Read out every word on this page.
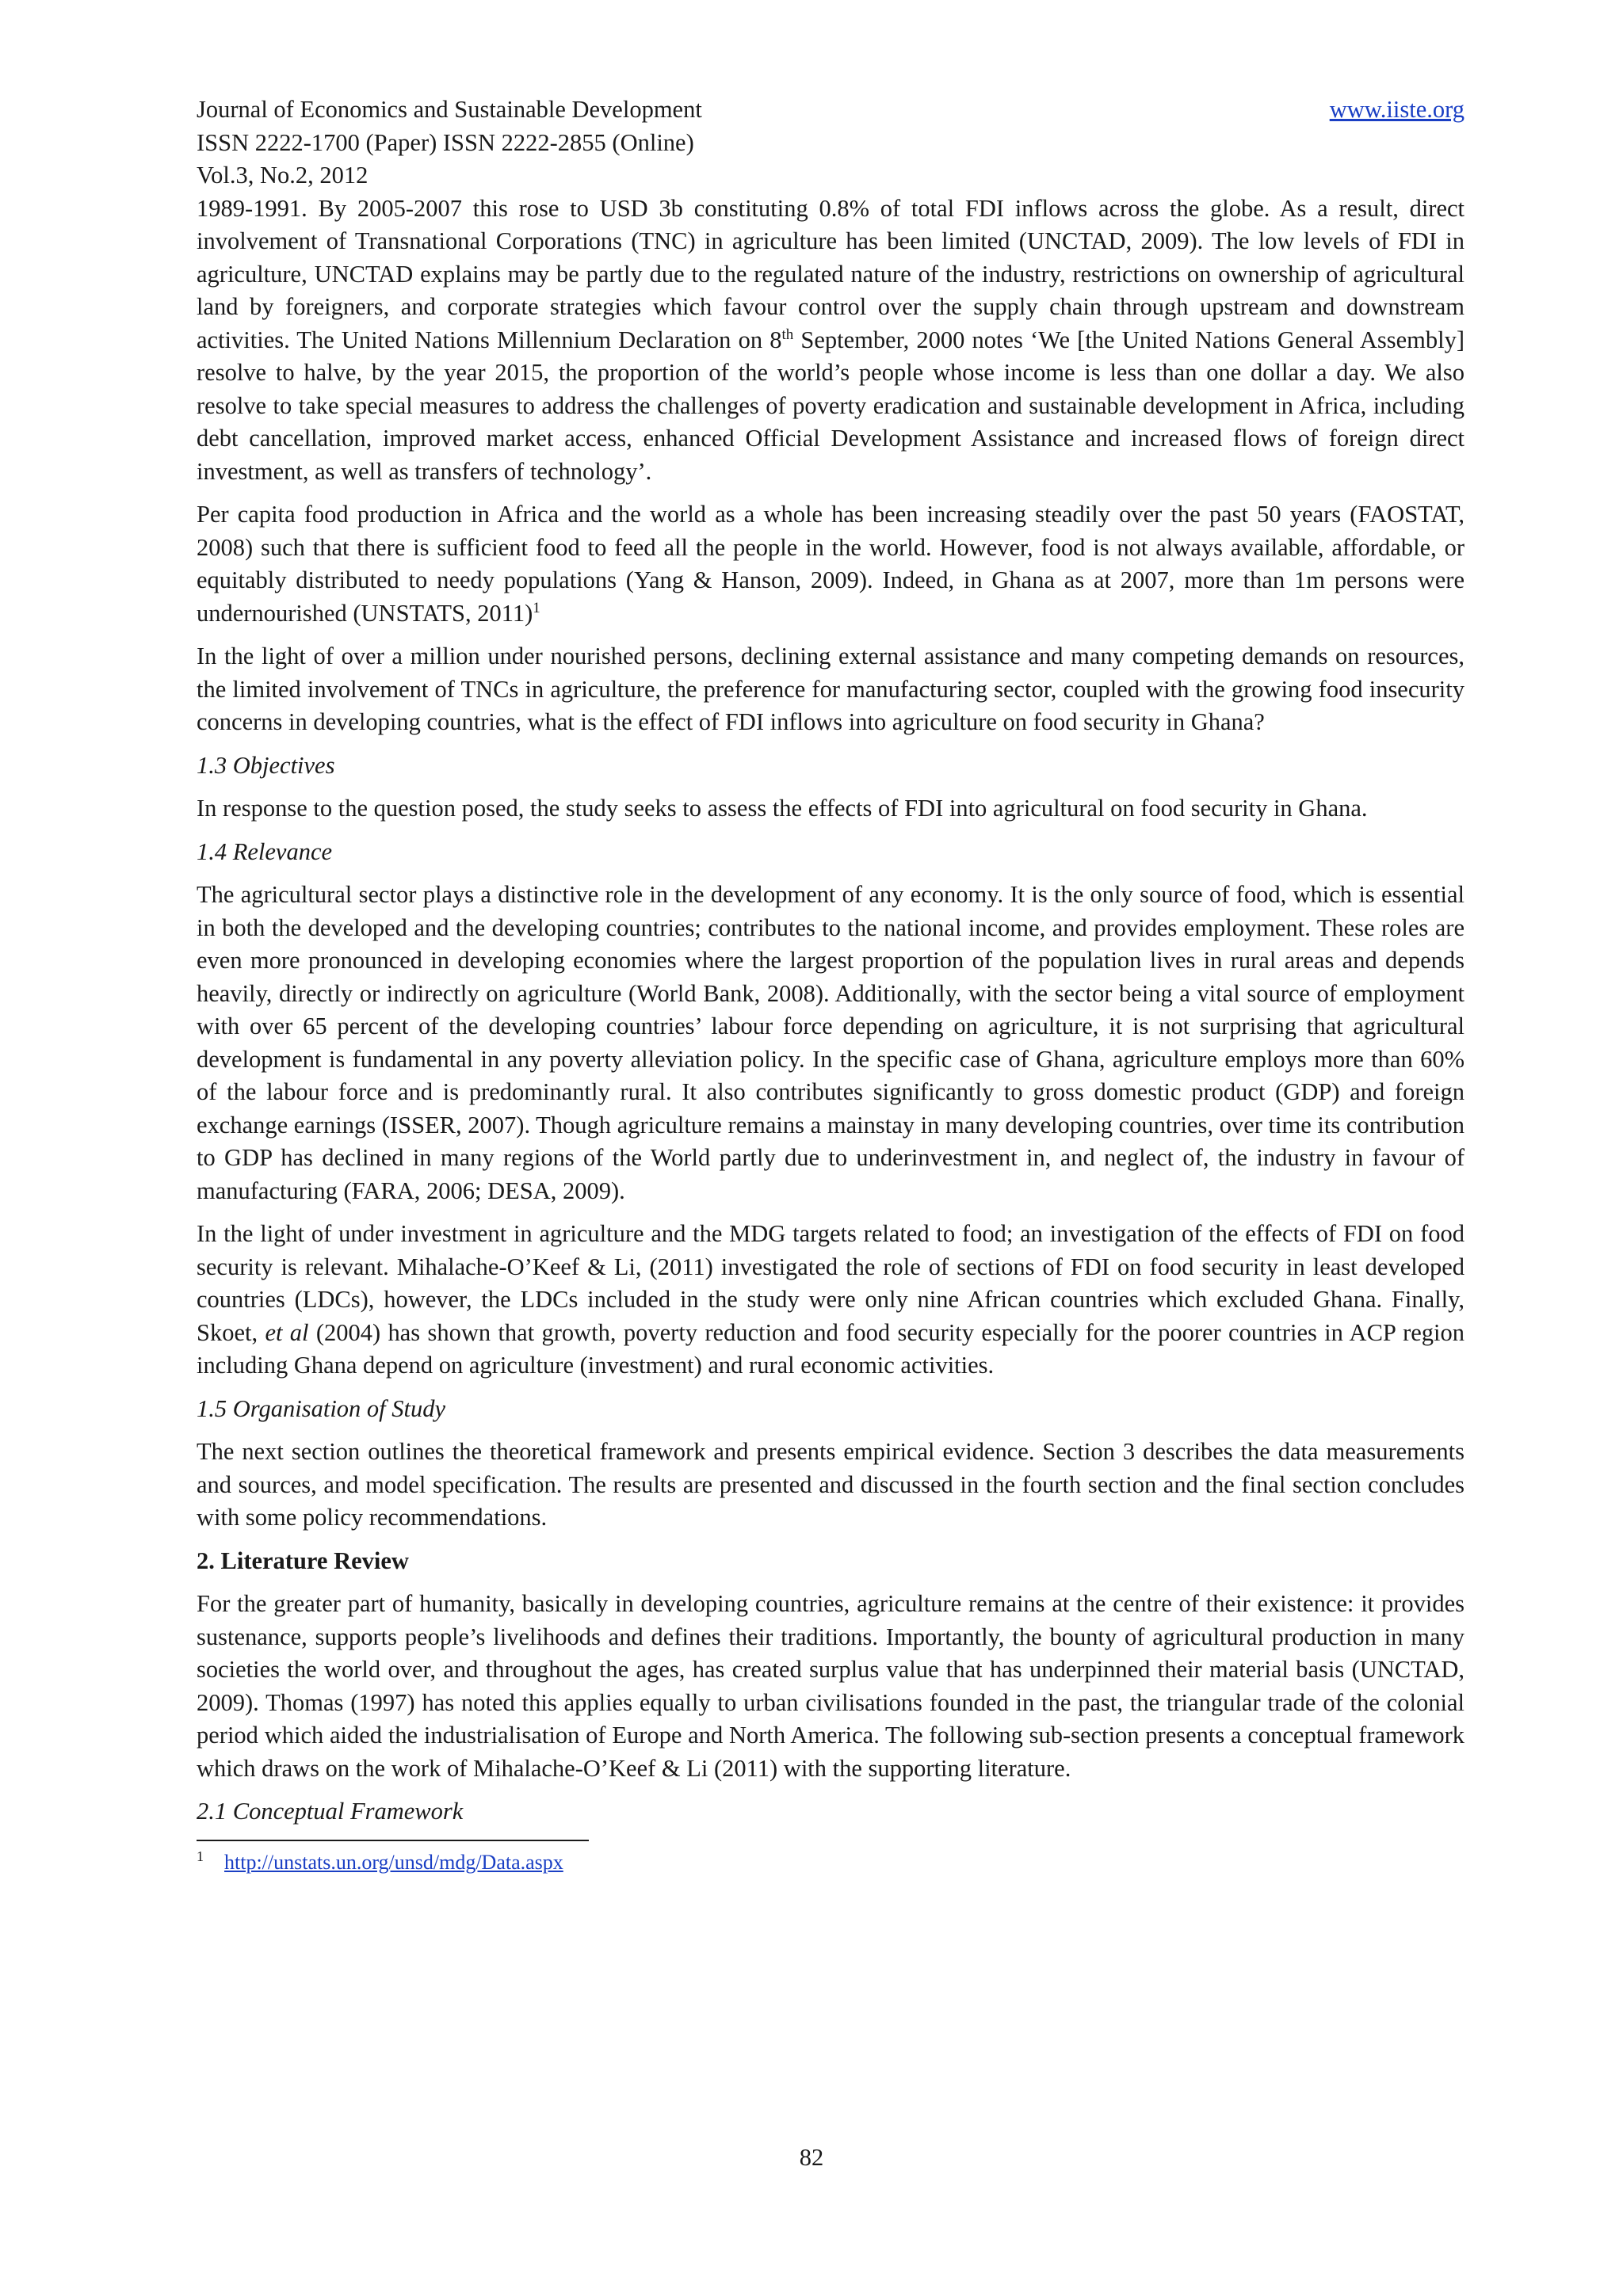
Journal of Economics and Sustainable Development	www.iiste.org
ISSN 2222-1700 (Paper) ISSN 2222-2855 (Online)
Vol.3, No.2, 2012

1989-1991. By 2005-2007 this rose to USD 3b constituting 0.8% of total FDI inflows across the globe. As a result, direct involvement of Transnational Corporations (TNC) in agriculture has been limited (UNCTAD, 2009). The low levels of FDI in agriculture, UNCTAD explains may be partly due to the regulated nature of the industry, restrictions on ownership of agricultural land by foreigners, and corporate strategies which favour control over the supply chain through upstream and downstream activities. The United Nations Millennium Declaration on 8th September, 2000 notes ‘We [the United Nations General Assembly] resolve to halve, by the year 2015, the proportion of the world’s people whose income is less than one dollar a day. We also resolve to take special measures to address the challenges of poverty eradication and sustainable development in Africa, including debt cancellation, improved market access, enhanced Official Development Assistance and increased flows of foreign direct investment, as well as transfers of technology’.

Per capita food production in Africa and the world as a whole has been increasing steadily over the past 50 years (FAOSTAT, 2008) such that there is sufficient food to feed all the people in the world. However, food is not always available, affordable, or equitably distributed to needy populations (Yang & Hanson, 2009). Indeed, in Ghana as at 2007, more than 1m persons were undernourished (UNSTATS, 2011)$^1$

In the light of over a million under nourished persons, declining external assistance and many competing demands on resources, the limited involvement of TNCs in agriculture, the preference for manufacturing sector, coupled with the growing food insecurity concerns in developing countries, what is the effect of FDI inflows into agriculture on food security in Ghana?

1.3 Objectives

In response to the question posed, the study seeks to assess the effects of FDI into agricultural on food security in Ghana.

1.4 Relevance

The agricultural sector plays a distinctive role in the development of any economy. It is the only source of food, which is essential in both the developed and the developing countries; contributes to the national income, and provides employment. These roles are even more pronounced in developing economies where the largest proportion of the population lives in rural areas and depends heavily, directly or indirectly on agriculture (World Bank, 2008). Additionally, with the sector being a vital source of employment with over 65 percent of the developing countries’ labour force depending on agriculture, it is not surprising that agricultural development is fundamental in any poverty alleviation policy. In the specific case of Ghana, agriculture employs more than 60% of the labour force and is predominantly rural. It also contributes significantly to gross domestic product (GDP) and foreign exchange earnings (ISSER, 2007). Though agriculture remains a mainstay in many developing countries, over time its contribution to GDP has declined in many regions of the World partly due to underinvestment in, and neglect of, the industry in favour of manufacturing (FARA, 2006; DESA, 2009).

In the light of under investment in agriculture and the MDG targets related to food; an investigation of the effects of FDI on food security is relevant. Mihalache-O’Keef & Li, (2011) investigated the role of sections of FDI on food security in least developed countries (LDCs), however, the LDCs included in the study were only nine African countries which excluded Ghana. Finally, Skoet, et al (2004) has shown that growth, poverty reduction and food security especially for the poorer countries in ACP region including Ghana depend on agriculture (investment) and rural economic activities.

1.5 Organisation of Study

The next section outlines the theoretical framework and presents empirical evidence. Section 3 describes the data measurements and sources, and model specification. The results are presented and discussed in the fourth section and the final section concludes with some policy recommendations.

2. Literature Review

For the greater part of humanity, basically in developing countries, agriculture remains at the centre of their existence: it provides sustenance, supports people’s livelihoods and defines their traditions. Importantly, the bounty of agricultural production in many societies the world over, and throughout the ages, has created surplus value that has underpinned their material basis (UNCTAD, 2009). Thomas (1997) has noted this applies equally to urban civilisations founded in the past, the triangular trade of the colonial period which aided the industrialisation of Europe and North America. The following sub-section presents a conceptual framework which draws on the work of Mihalache-O’Keef & Li (2011) with the supporting literature.

2.1 Conceptual Framework
$^1$ http://unstats.un.org/unsd/mdg/Data.aspx
82
